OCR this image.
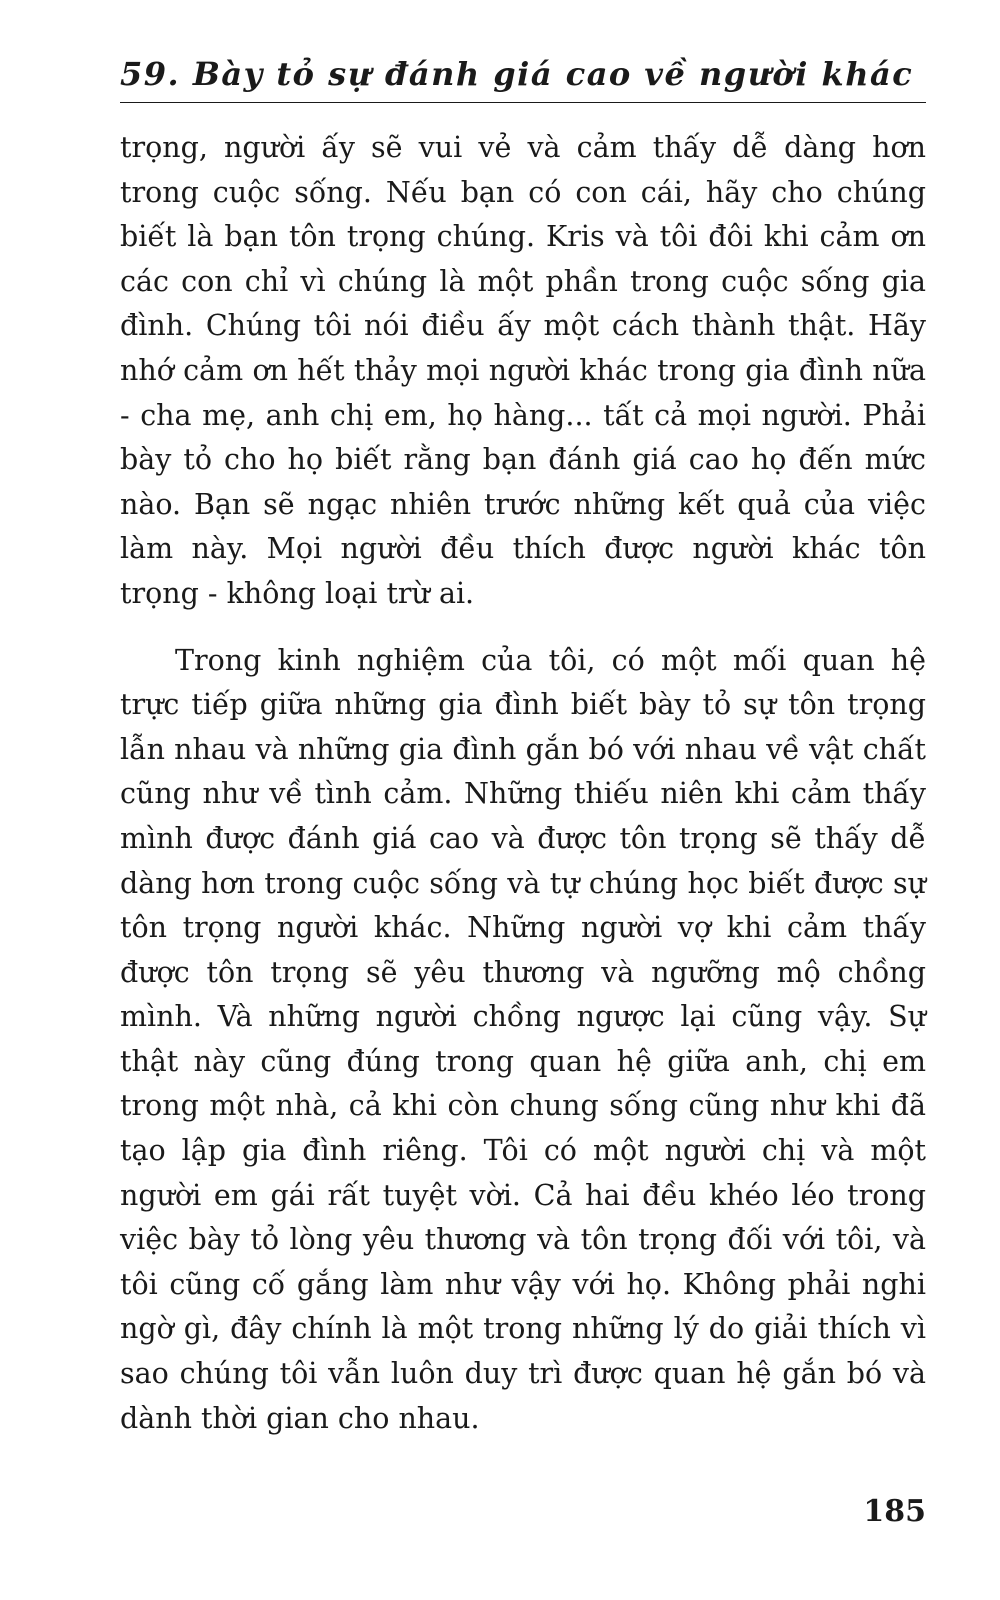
59. Bày tỏ sự đánh giá cao về người khác

trọng, người ấy sẽ vui vẻ và cảm thấy dễ dàng hơn trong cuộc sống. Nếu bạn có con cái, hãy cho chúng biết là bạn tôn trọng chúng. Kris và tôi đôi khi cảm ơn các con chỉ vì chúng là một phần trong cuộc sống gia đình. Chúng tôi nói điều ấy một cách thành thật. Hãy nhớ cảm ơn hết thảy mọi người khác trong gia đình nữa - cha mẹ, anh chị em, họ hàng... tất cả mọi người. Phải bày tỏ cho họ biết rằng bạn đánh giá cao họ đến mức nào. Bạn sẽ ngạc nhiên trước những kết quả của việc làm này. Mọi người đều thích được người khác tôn trọng - không loại trừ ai.

Trong kinh nghiệm của tôi, có một mối quan hệ trực tiếp giữa những gia đình biết bày tỏ sự tôn trọng lẫn nhau và những gia đình gắn bó với nhau về vật chất cũng như về tình cảm. Những thiếu niên khi cảm thấy mình được đánh giá cao và được tôn trọng sẽ thấy dễ dàng hơn trong cuộc sống và tự chúng học biết được sự tôn trọng người khác. Những người vợ khi cảm thấy được tôn trọng sẽ yêu thương và ngưỡng mộ chồng mình. Và những người chồng ngược lại cũng vậy. Sự thật này cũng đúng trong quan hệ giữa anh, chị em trong một nhà, cả khi còn chung sống cũng như khi đã tạo lập gia đình riêng. Tôi có một người chị và một người em gái rất tuyệt vời. Cả hai đều khéo léo trong việc bày tỏ lòng yêu thương và tôn trọng đối với tôi, và tôi cũng cố gắng làm như vậy với họ. Không phải nghi ngờ gì, đây chính là một trong những lý do giải thích vì sao chúng tôi vẫn luôn duy trì được quan hệ gắn bó và dành thời gian cho nhau.

185
